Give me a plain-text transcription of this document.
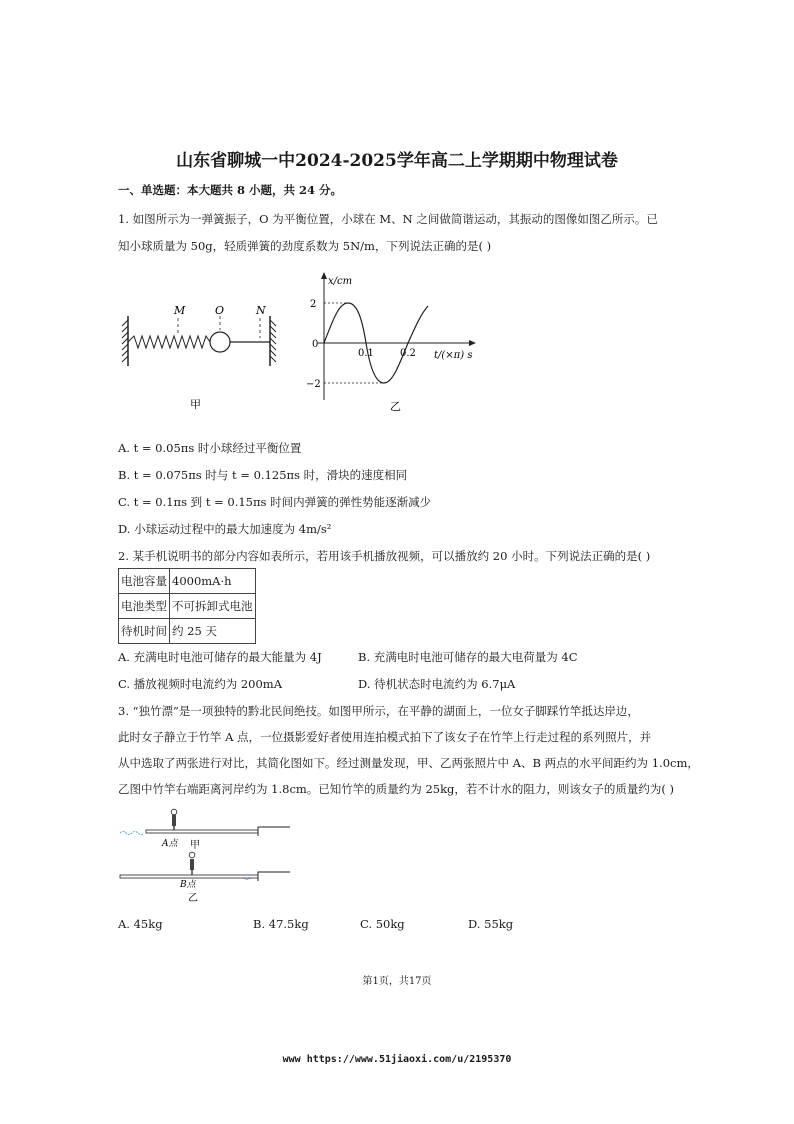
山东省聊城一中2024-2025学年高二上学期期中物理试卷
一、单选题：本大题共 8 小题，共 24 分。
1. 如图所示为一弹簧振子，O 为平衡位置，小球在 M、N 之间做简谐运动，其振动的图像如图乙所示。已
知小球质量为 50g，轻质弹簧的劲度系数为 5N/m，下列说法正确的是( )
M	O	N
甲
x/cm
2
0
−2
0.1	0.2 t/(×π) s
乙
A. t = 0.05πs 时小球经过平衡位置
B. t = 0.075πs 时与 t = 0.125πs 时，滑块的速度相同
C. t = 0.1πs 到 t = 0.15πs 时间内弹簧的弹性势能逐渐减少
D. 小球运动过程中的最大加速度为 4m/s²
2. 某手机说明书的部分内容如表所示，若用该手机播放视频，可以播放约 20 小时。下列说法正确的是( )
电池容量	4000mA·h
电池类型	不可拆卸式电池
待机时间	约 25 天
A. 充满电时电池可储存的最大能量为 4J	B. 充满电时电池可储存的最大电荷量为 4C
C. 播放视频时电流约为 200mA	D. 待机状态时电流约为 6.7μA
3. “独竹漂”是一项独特的黔北民间绝技。如图甲所示，在平静的湖面上，一位女子脚踩竹竿抵达岸边，
此时女子静立于竹竿 A 点，一位摄影爱好者使用连拍模式拍下了该女子在竹竿上行走过程的系列照片，并
从中选取了两张进行对比，其简化图如下。经过测量发现，甲、乙两张照片中 A、B 两点的水平间距约为 1.0cm，
乙图中竹竿右端距离河岸约为 1.8cm。已知竹竿的质量约为 25kg，若不计水的阻力，则该女子的质量约为( )
A点 甲
B点
乙
A. 45kg	B. 47.5kg	C. 50kg	D. 55kg
第1页，共17页
www https://www.51jiaoxi.com/u/2195370
